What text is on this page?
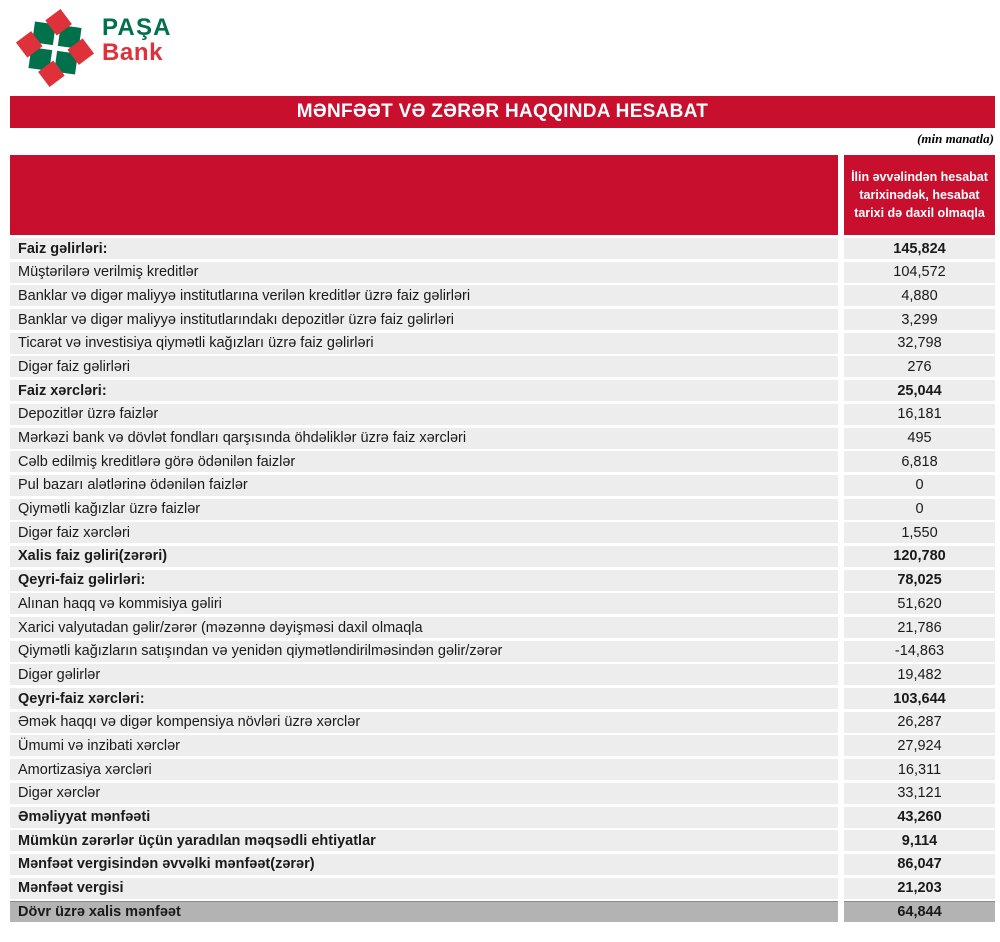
PAŞA
Bank
MƏNFƏƏT VƏ ZƏRƏR HAQQINDA HESABAT
(min manatla)
İlin əvvəlindən hesabat tarixinədək, hesabat tarixi də daxil olmaqla
Faiz gəlirləri:	145,824
Müştərilərə verilmiş kreditlər	104,572
Banklar və digər maliyyə institutlarına verilən kreditlər üzrə faiz gəlirləri	4,880
Banklar və digər maliyyə institutlarındakı depozitlər üzrə faiz gəlirləri	3,299
Ticarət və investisiya qiymətli kağızları üzrə faiz gəlirləri	32,798
Digər faiz gəlirləri	276
Faiz xərcləri:	25,044
Depozitlər üzrə faizlər	16,181
Mərkəzi bank və dövlət fondları qarşısında öhdəliklər üzrə faiz xərcləri	495
Cəlb edilmiş kreditlərə görə ödənilən faizlər	6,818
Pul bazarı alətlərinə ödənilən faizlər	0
Qiymətli kağızlar üzrə faizlər	0
Digər faiz xərcləri	1,550
Xalis faiz gəliri(zərəri)	120,780
Qeyri-faiz gəlirləri:	78,025
Alınan haqq və kommisiya gəliri	51,620
Xarici valyutadan gəlir/zərər (məzənnə dəyişməsi daxil olmaqla	21,786
Qiymətli kağızların satışından və yenidən qiymətləndirilməsindən gəlir/zərər	-14,863
Digər gəlirlər	19,482
Qeyri-faiz xərcləri:	103,644
Əmək haqqı və digər kompensiya növləri üzrə xərclər	26,287
Ümumi və inzibati xərclər	27,924
Amortizasiya xərcləri	16,311
Digər xərclər	33,121
Əməliyyat mənfəəti	43,260
Mümkün zərərlər üçün yaradılan məqsədli ehtiyatlar	9,114
Mənfəət vergisindən əvvəlki mənfəət(zərər)	86,047
Mənfəət vergisi	21,203
Dövr üzrə xalis mənfəət	64,844
